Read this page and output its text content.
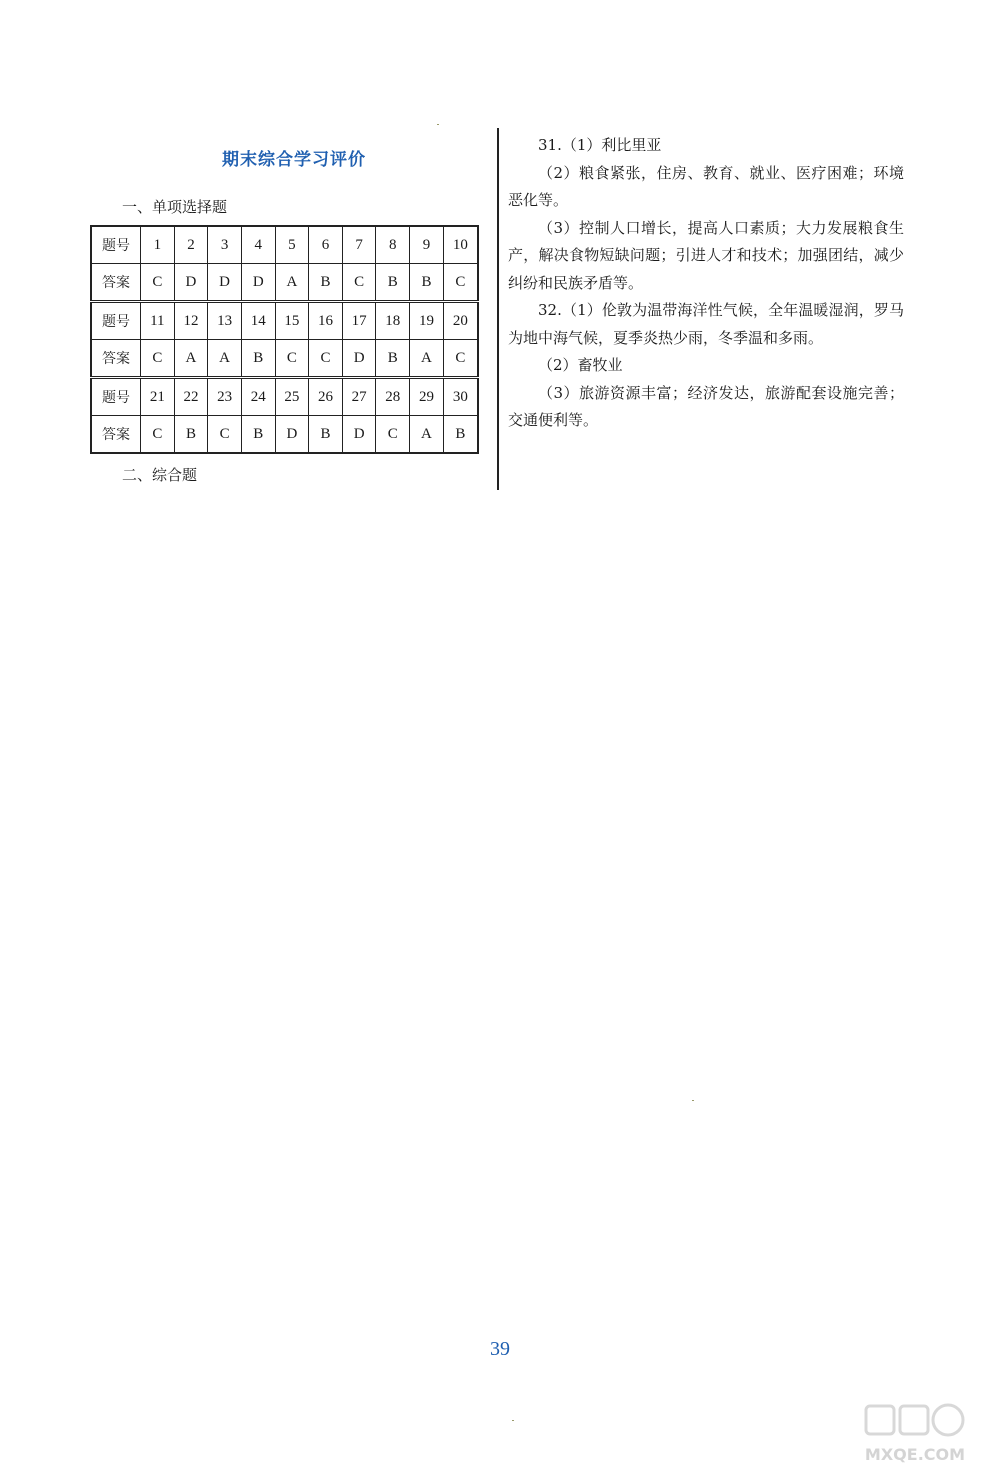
期末综合学习评价
一、单项选择题
题号	1	2	3	4	5	6	7	8	9	10
答案	C	D	D	D	A	B	C	B	B	C
题号	11	12	13	14	15	16	17	18	19	20
答案	C	A	A	B	C	C	D	B	A	C
题号	21	22	23	24	25	26	27	28	29	30
答案	C	B	C	B	D	B	D	C	A	B
二、综合题

31.（1）利比里亚

（2）粮食紧张，住房、教育、就业、医疗困难；环境恶化等。

（3）控制人口增长，提高人口素质；大力发展粮食生产，解决食物短缺问题；引进人才和技术；加强团结，减少纠纷和民族矛盾等。

32.（1）伦敦为温带海洋性气候，全年温暖湿润，罗马为地中海气候，夏季炎热少雨，冬季温和多雨。

（2）畜牧业

（3）旅游资源丰富；经济发达，旅游配套设施完善；交通便利等。

39
MXQE.COM
